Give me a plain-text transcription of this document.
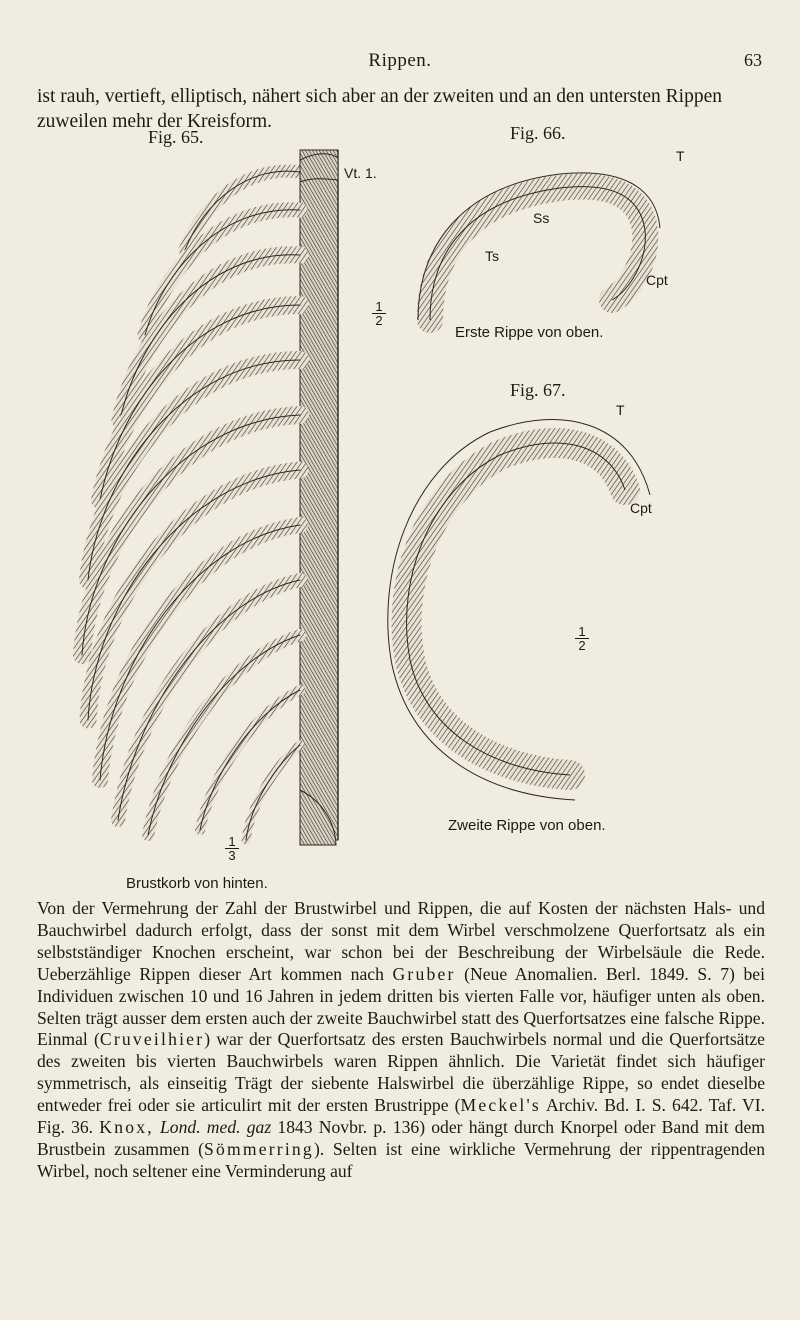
Rippen.	63
ist rauh, vertieft, elliptisch, nähert sich aber an der zweiten und an den untersten Rippen zuweilen mehr der Kreisform.
Fig. 65.
Vt. 1.
$\frac{1}{3}$
Brustkorb von hinten.
Fig. 66.
T
Ss
Ts
Cpt
$\frac{1}{2}$
Erste Rippe von oben.
Fig. 67.
T
Cpt
$\frac{1}{2}$
Zweite Rippe von oben.
Von der Vermehrung der Zahl der Brustwirbel und Rippen, die auf Kosten der nächsten Hals- und Bauchwirbel dadurch erfolgt, dass der sonst mit dem Wirbel verschmolzene Querfortsatz als ein selbstständiger Knochen erscheint, war schon bei der Beschreibung der Wirbelsäule die Rede. Ueberzählige Rippen dieser Art kommen nach Gruber (Neue Anomalien. Berl. 1849. S. 7) bei Individuen zwischen 10 und 16 Jahren in jedem dritten bis vierten Falle vor, häufiger unten als oben. Selten trägt ausser dem ersten auch der zweite Bauchwirbel statt des Querfortsatzes eine falsche Rippe. Einmal (Cruveilhier) war der Querfortsatz des ersten Bauchwirbels normal und die Querfortsätze des zweiten bis vierten Bauchwirbels waren Rippen ähnlich. Die Varietät findet sich häufiger symmetrisch, als einseitig Trägt der siebente Halswirbel die überzählige Rippe, so endet dieselbe entweder frei oder sie articulirt mit der ersten Brustrippe (Meckel's Archiv. Bd. I. S. 642. Taf. VI. Fig. 36. Knox, Lond. med. gaz 1843 Novbr. p. 136) oder hängt durch Knorpel oder Band mit dem Brustbein zusammen (Sömmerring). Selten ist eine wirkliche Vermehrung der rippentragenden Wirbel, noch seltener eine Verminderung auf
